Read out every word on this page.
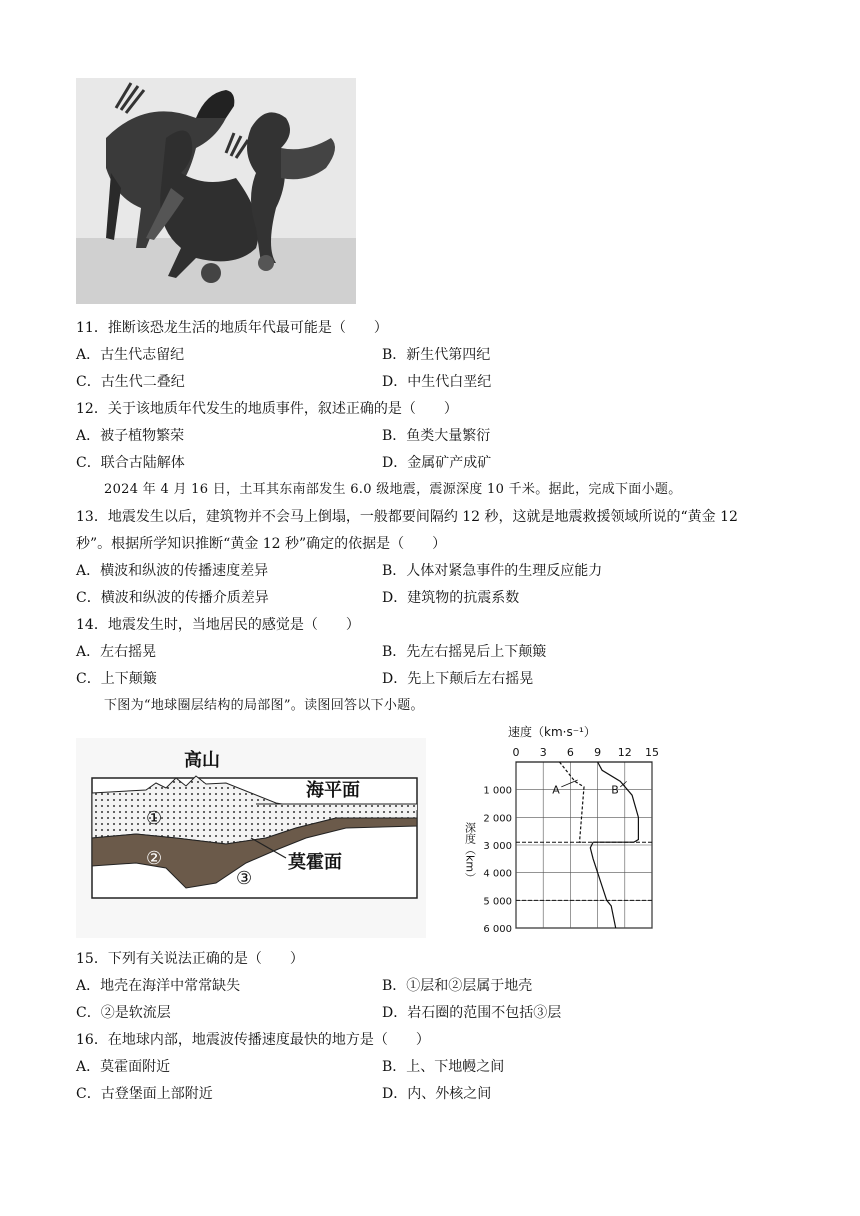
11．推断该恐龙生活的地质年代最可能是（　　）
A．古生代志留纪	B．新生代第四纪
C．古生代二叠纪	D．中生代白垩纪
12．关于该地质年代发生的地质事件，叙述正确的是（　　）
A．被子植物繁荣	B．鱼类大量繁衍
C．联合古陆解体	D．金属矿产成矿
2024 年 4 月 16 日，土耳其东南部发生 6.0 级地震，震源深度 10 千米。据此，完成下面小题。
13．地震发生以后，建筑物并不会马上倒塌，一般都要间隔约 12 秒，这就是地震救援领域所说的“黄金 12
秒”。根据所学知识推断“黄金 12 秒”确定的依据是（　　）
A．横波和纵波的传播速度差异	B．人体对紧急事件的生理反应能力
C．横波和纵波的传播介质差异	D．建筑物的抗震系数
14．地震发生时，当地居民的感觉是（　　）
A．左右摇晃	B．先左右摇晃后上下颠簸
C．上下颠簸	D．先上下颠后左右摇晃
下图为“地球圈层结构的局部图”。读图回答以下小题。
高山
海平面
①
②
③
莫霍面
速度（km·s⁻¹）
深度（km）
0 3 6 9 12 15
1 000
2 000
3 000
4 000
5 000
6 000
A	B
15．下列有关说法正确的是（　　）
A．地壳在海洋中常常缺失	B．①层和②层属于地壳
C．②是软流层	D．岩石圈的范围不包括③层
16．在地球内部，地震波传播速度最快的地方是（　　）
A．莫霍面附近	B．上、下地幔之间
C．古登堡面上部附近	D．内、外核之间
